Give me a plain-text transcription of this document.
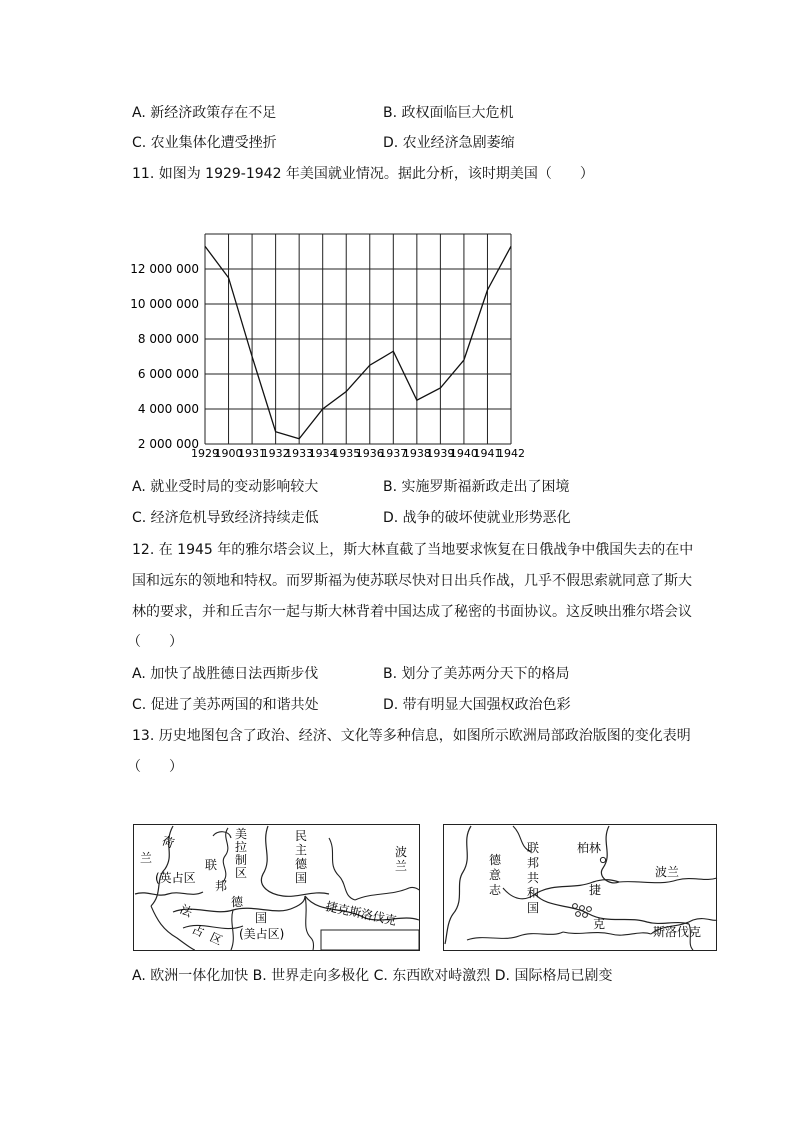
A. 新经济政策存在不足	B. 政权面临巨大危机
C. 农业集体化遭受挫折	D. 农业经济急剧萎缩
11. 如图为 1929-1942 年美国就业情况。据此分析，该时期美国（　　）
12 000 000
10 000 000
8 000 000
6 000 000
4 000 000
2 000 000
1929
1900
1931
1932
1933
1934
1935
1936
1937
1938
1939
1940
1941
1942
A. 就业受时局的变动影响较大	B. 实施罗斯福新政走出了困境
C. 经济危机导致经济持续走低	D. 战争的破坏使就业形势恶化
12. 在 1945 年的雅尔塔会议上，斯大林直截了当地要求恢复在日俄战争中俄国失去的在中
国和远东的领地和特权。而罗斯福为使苏联尽快对日出兵作战，几乎不假思索就同意了斯大
林的要求，并和丘吉尔一起与斯大林背着中国达成了秘密的书面协议。这反映出雅尔塔会议
（　　）
A. 加快了战胜德日法西斯步伐	B. 划分了美苏两分天下的格局
C. 促进了美苏两国的和谐共处	D. 带有明显大国强权政治色彩
13. 历史地图包含了政治、经济、文化等多种信息，如图所示欧洲局部政治版图的变化表明
（　　）
兰
荷	美
拉
制
区
联
(英占区
邦
德
国
(美占区)
法
占 区
民
主
德
国
波
兰
捷克斯洛伐克
德
意
志
联
邦
共
和
国
柏林
波兰
捷
克
斯洛伐克
A. 欧洲一体化加快 B. 世界走向多极化 C. 东西欧对峙激烈 D. 国际格局已剧变
